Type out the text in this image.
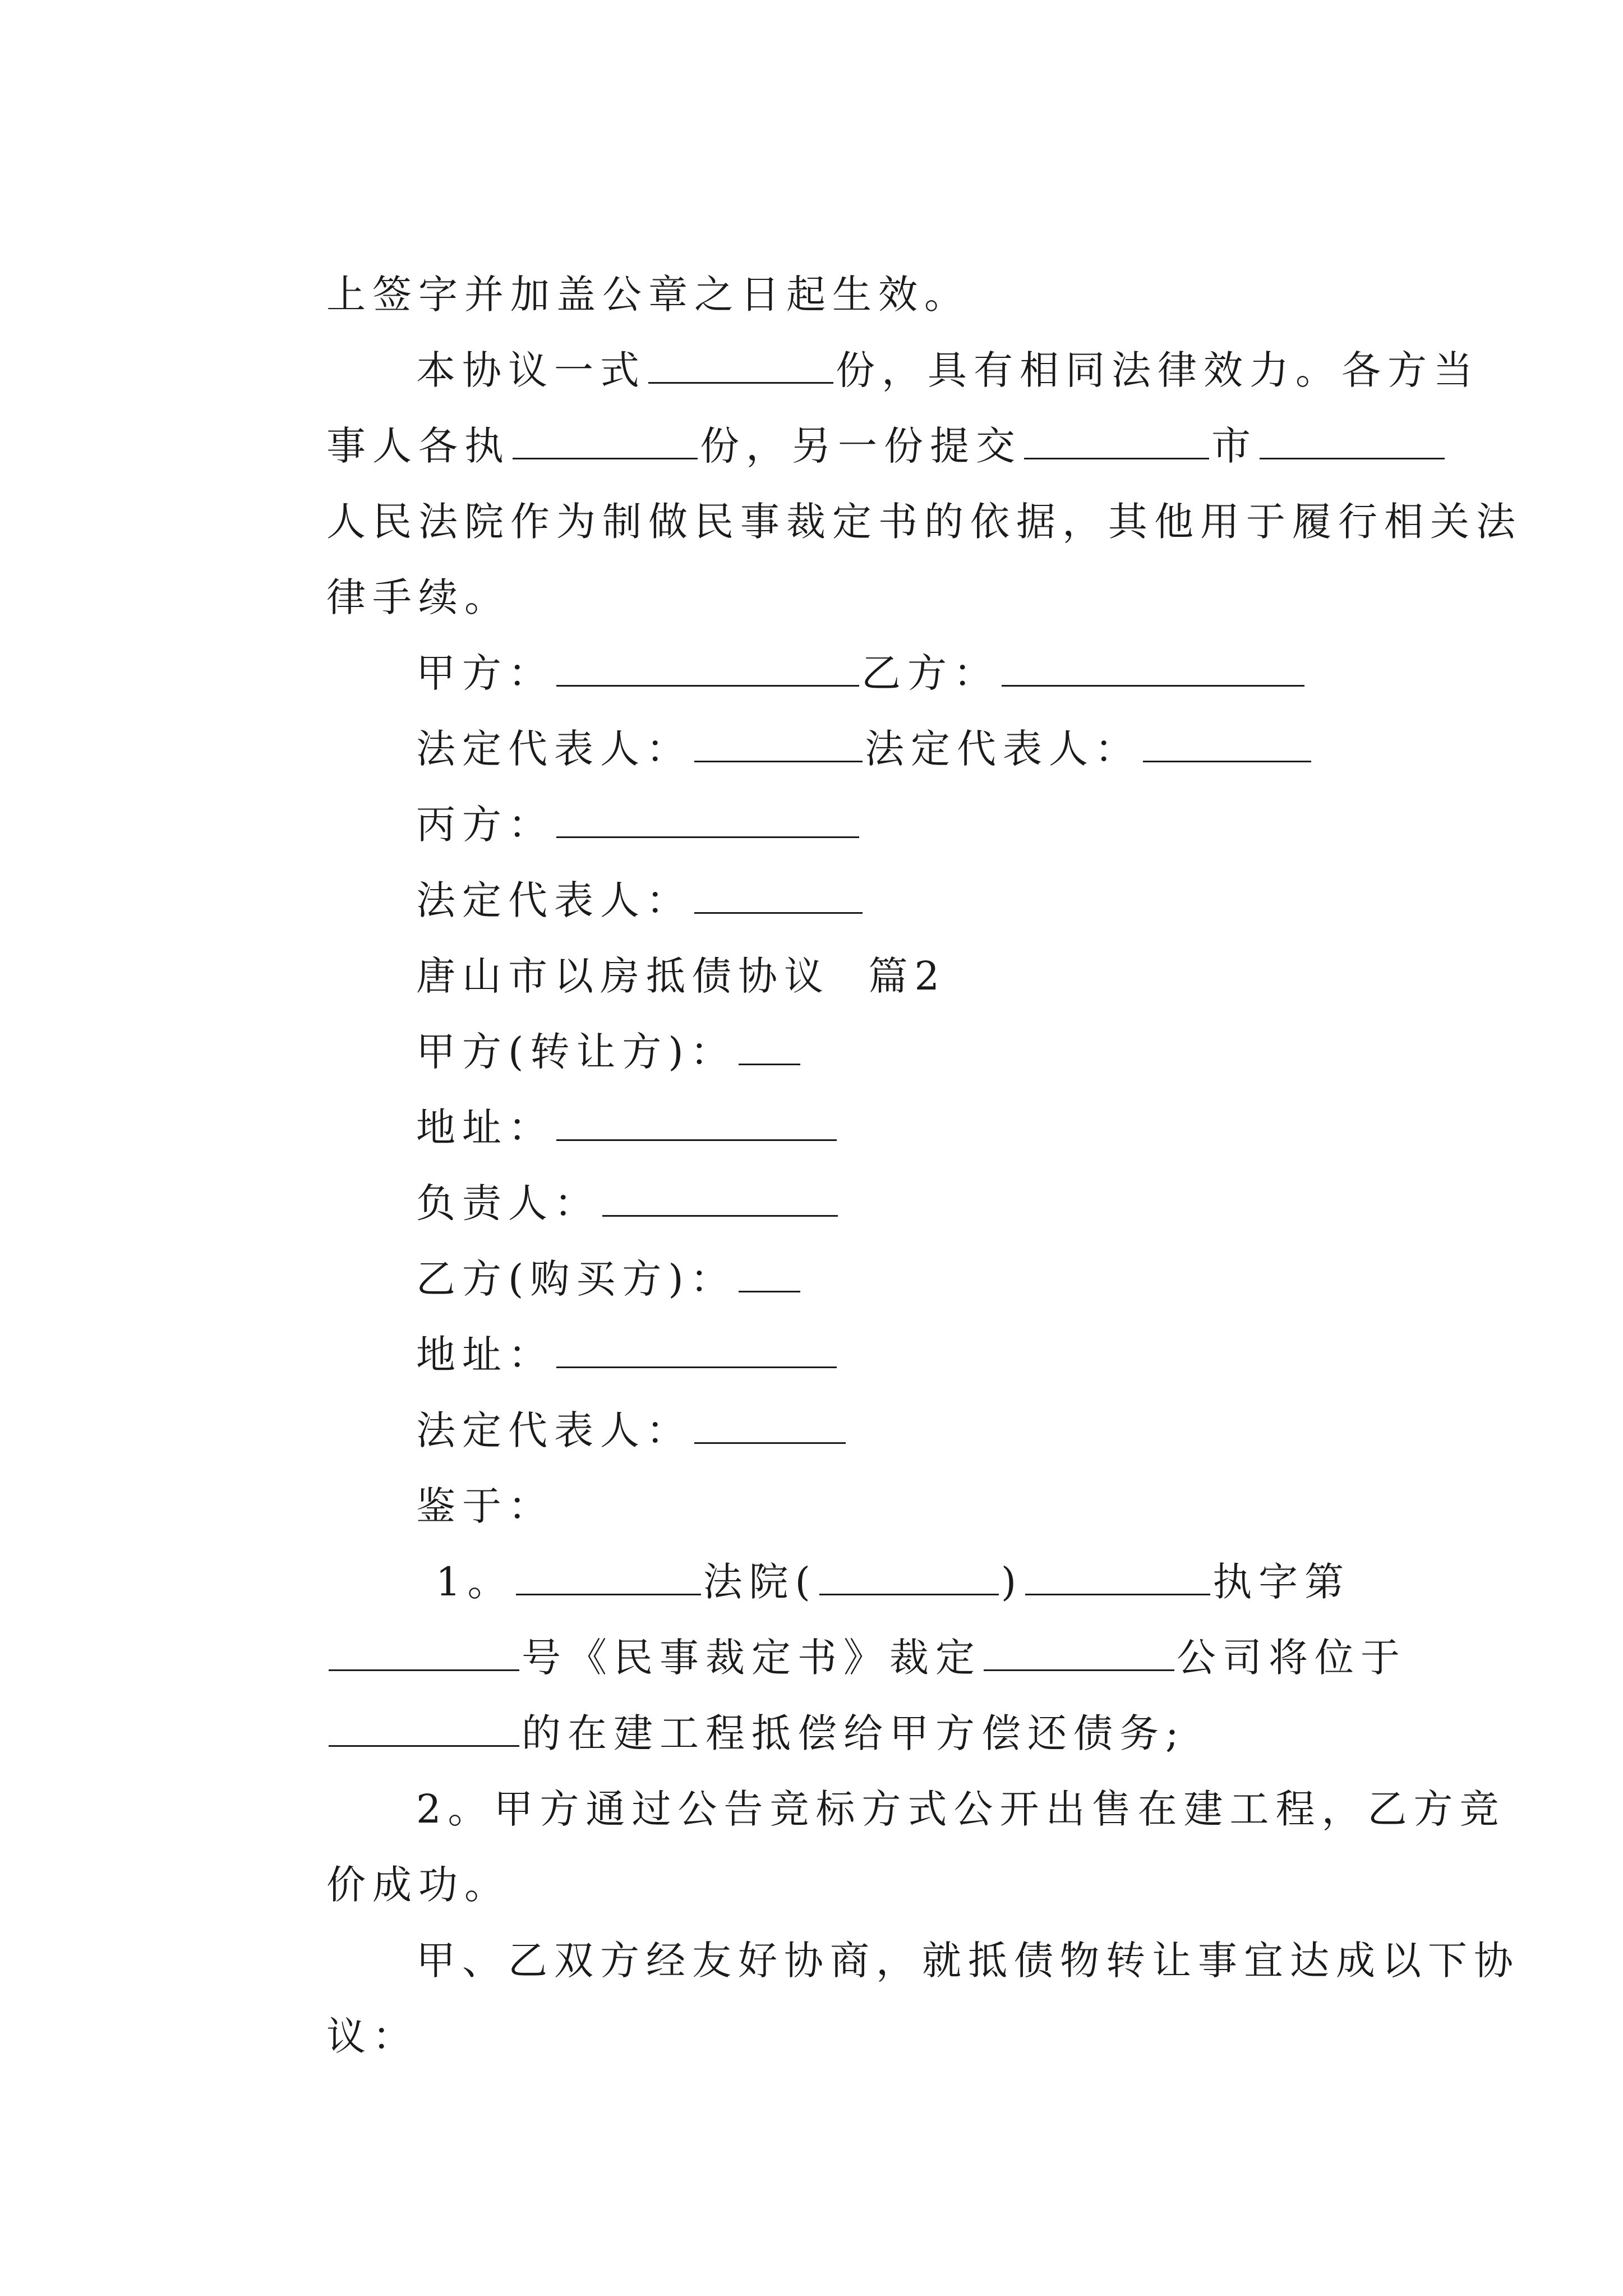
上签字并加盖公章之日起生效。

本协议一式	份，具有相同法律效力。各方当

事人各执	份，另一份提交	市

人民法院作为制做民事裁定书的依据，其他用于履行相关法

律手续。

甲方：	乙方：

法定代表人：	法定代表人：

丙方：

法定代表人：

唐山市以房抵债协议  篇2

甲方(转让方)：

地址：

负责人：

乙方(购买方)：

地址：

法定代表人：

鉴于：

1。	法院(	)	执字第

号《民事裁定书》裁定	公司将位于

的在建工程抵偿给甲方偿还债务;

2。甲方通过公告竞标方式公开出售在建工程，乙方竞

价成功。

甲、乙双方经友好协商，就抵债物转让事宜达成以下协

议：
